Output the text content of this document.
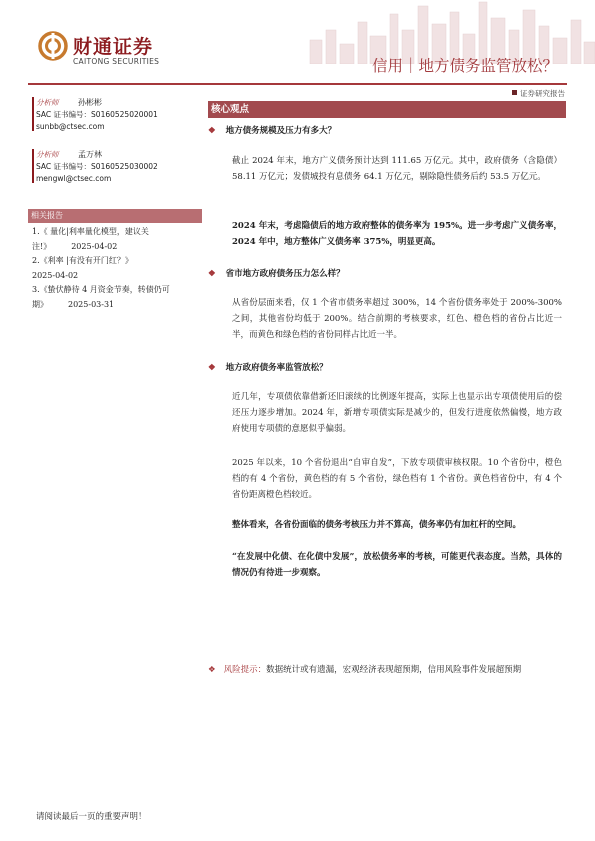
财通证券
CAITONG SECURITIES	信用｜地方债务监管放松？
证券研究报告
分析师 孙彬彬
SAC 证书编号：S0160525020001
sunbb@ctsec.com
分析师 孟万林
SAC 证书编号：S0160525030002
mengwl@ctsec.com
相关报告
1.《 量化|利率量化模型，建议关
注!》	2025-04-02
2.《利率 |有没有开门红？》
2025-04-02
3.《蛰伏静待 4 月资金节奏，转债仍可
期》	2025-03-31
核心观点
❖ 地方债务规模及压力有多大？
截止 2024 年末，地方广义债务预计达到 111.65 万亿元。其中，政府债务（含隐债）58.11 万亿元；发债城投有息债务 64.1 万亿元，剔除隐性债务后约 53.5 万亿元。
2024 年末，考虑隐债后的地方政府整体的债务率为 195%。进一步考虑广义债务率，2024 年中，地方整体广义债务率 375%，明显更高。
❖ 省市地方政府债务压力怎么样？
从省份层面来看，仅 1 个省市债务率超过 300%，14 个省份债务率处于 200%-300%之间，其他省份均低于 200%。结合前期的考核要求，红色、橙色档的省份占比近一半，而黄色和绿色档的省份同样占比近一半。
❖ 地方政府债务率监管放松？
近几年，专项债依靠借新还旧滚续的比例逐年提高，实际上也显示出专项债使用后的偿还压力逐步增加。2024 年，新增专项债实际是减少的，但发行进度依然偏慢，地方政府使用专项债的意愿似乎偏弱。
2025 年以来，10 个省份退出“自审自发”，下放专项债审核权限。10 个省份中，橙色档的有 4 个省份，黄色档的有 5 个省份，绿色档有 1 个省份。黄色档省份中，有 4 个省份距离橙色档较近。
整体看来，各省份面临的债务考核压力并不算高，债务率仍有加杠杆的空间。
“在发展中化债、在化债中发展”，放松债务率的考核，可能更代表态度。当然，具体的情况仍有待进一步观察。
❖ 风险提示：数据统计或有遗漏，宏观经济表现超预期，信用风险事件发展超预期
请阅读最后一页的重要声明！
